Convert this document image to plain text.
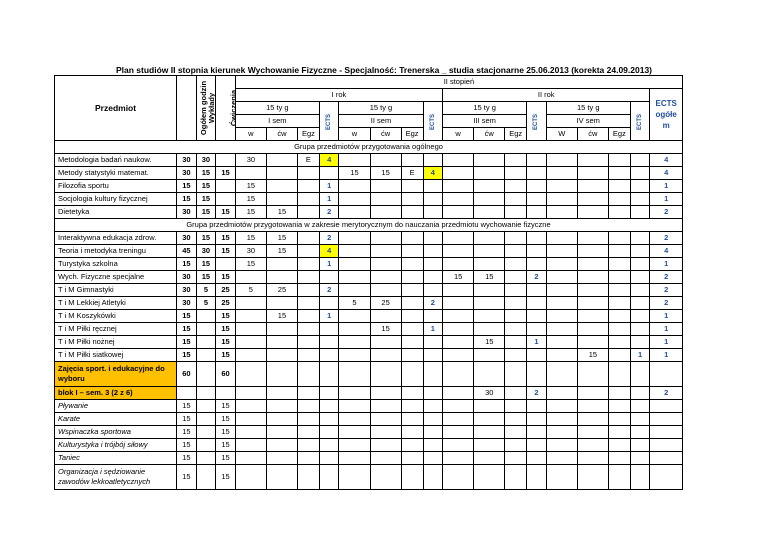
Plan studiów II stopnia kierunek Wychowanie Fizyczne - Specjalność: Trenerska _ studia stacjonarne 25.06.2013 (korekta 24.09.2013)
Przedmiot	Ogółem godzin	Wykłady	Ćwiczenia	II stopień																
				I rok								II rok								ECTS ogółe m
				15 ty g			ECTS	15 ty g			ECTS	15 ty g			ECTS	15 ty g			ECTS	
				I sem				II sem				III sem				IV sem				
				w	ćw	Egz		w	ćw	Egz		w	ćw	Egz		W	ćw	Egz		
Grupa przedmiotów przygotowania ogólnego																				
Metodologia badań naukow.	30	30		30		E	4													4
Metody statystyki matemat.	30	15	15					15	15	E	4									4
Filozofia sportu	15	15		15			1													1
Socjologia kultury fizycznej	15	15		15			1													1
Dietetyka	30	15	15	15	15		2													2
Grupa przedmiotów przygotowania w zakresie merytorycznym do nauczania przedmiotu wychowanie fizyczne																				
Interaktywna edukacja zdrow.	30	15	15	15	15		2													2
Teoria i metodyka treningu	45	30	15	30	15		4													4
Turystyka szkolna	15	15		15			1													1
Wych. Fizyczne specjalne	30	15	15									15	15		2					2
T i M Gimnastyki	30	5	25	5	25		2													2
T i M Lekkiej Atletyki	30	5	25					5	25		2									2
T i M Koszykówki	15		15		15		1													1
T i M Piłki ręcznej	15		15						15		1									1
T i M Piłki nożnej	15		15										15		1					1
T i M Piłki siatkowej	15		15														15		1	1
Zajęcia sport. i edukacyjne do wyboru	60		60																	
blok I – sem. 3 (2 z 6)													30		2					2
Pływanie	15		15																	
Karate	15		15																	
Wspinaczka sportowa	15		15																	
Kulturystyka i trójbój siłowy	15		15																	
Taniec	15		15																	
Organizacja i sędziowanie zawodów lekkoatletycznych	15		15																	
